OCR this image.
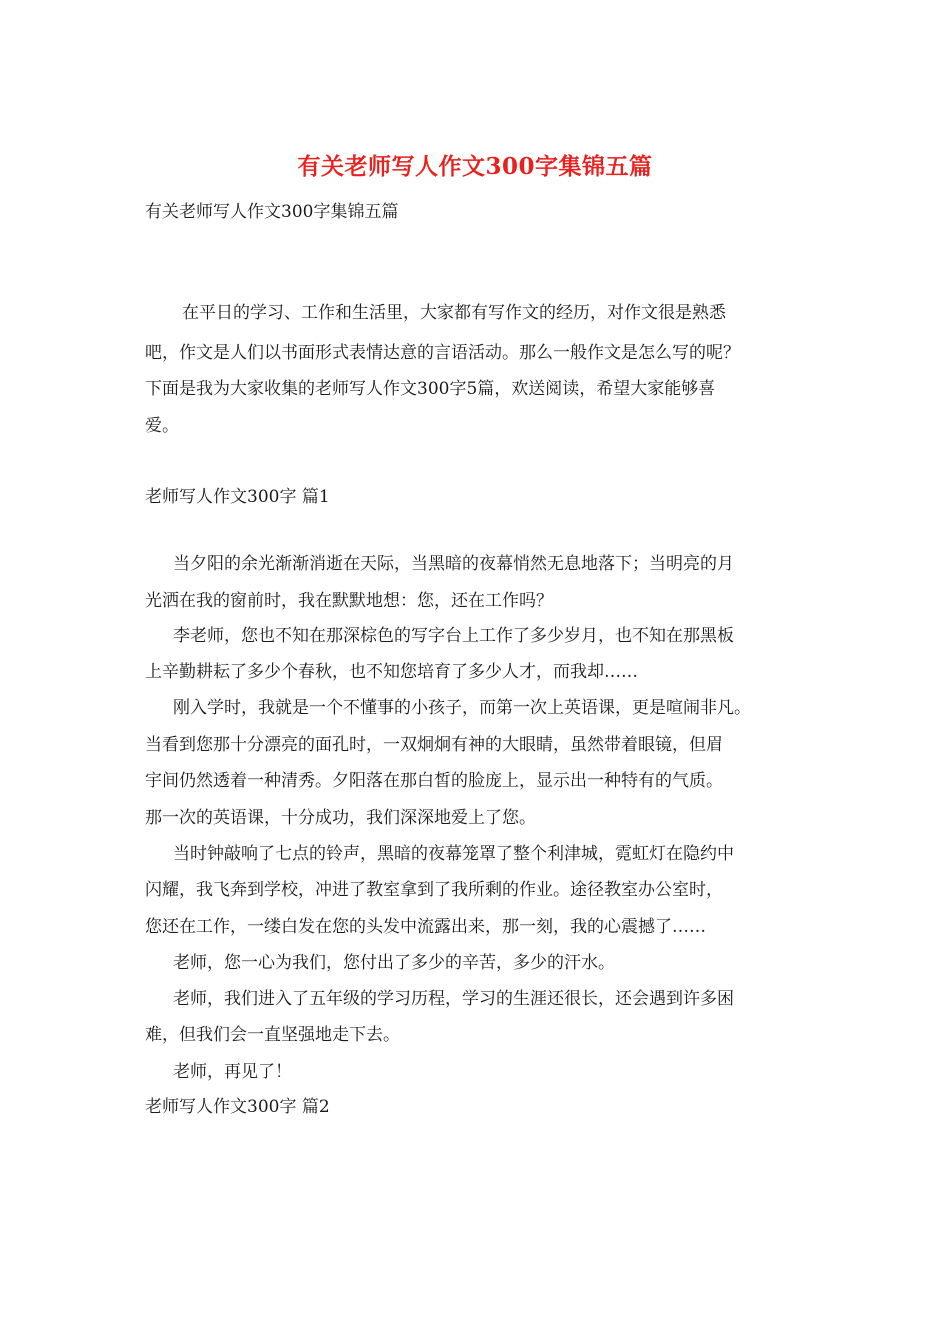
有关老师写人作文300字集锦五篇
有关老师写人作文300字集锦五篇
在平日的学习、工作和生活里，大家都有写作文的经历，对作文很是熟悉
吧，作文是人们以书面形式表情达意的言语活动。那么一般作文是怎么写的呢？
下面是我为大家收集的老师写人作文300字5篇，欢送阅读，希望大家能够喜
爱。
老师写人作文300字 篇1
当夕阳的余光渐渐消逝在天际，当黑暗的夜幕悄然无息地落下；当明亮的月
光洒在我的窗前时，我在默默地想：您，还在工作吗？
李老师，您也不知在那深棕色的写字台上工作了多少岁月，也不知在那黑板
上辛勤耕耘了多少个春秋，也不知您培育了多少人才，而我却……
刚入学时，我就是一个不懂事的小孩子，而第一次上英语课，更是喧闹非凡。
当看到您那十分漂亮的面孔时，一双炯炯有神的大眼睛，虽然带着眼镜，但眉
宇间仍然透着一种清秀。夕阳落在那白皙的脸庞上，显示出一种特有的气质。
那一次的英语课，十分成功，我们深深地爱上了您。
当时钟敲响了七点的铃声，黑暗的夜幕笼罩了整个利津城，霓虹灯在隐约中
闪耀，我飞奔到学校，冲进了教室拿到了我所剩的作业。途径教室办公室时，
您还在工作，一缕白发在您的头发中流露出来，那一刻，我的心震撼了……
老师，您一心为我们，您付出了多少的辛苦，多少的汗水。
老师，我们进入了五年级的学习历程，学习的生涯还很长，还会遇到许多困
难，但我们会一直坚强地走下去。
老师，再见了！
老师写人作文300字 篇2
